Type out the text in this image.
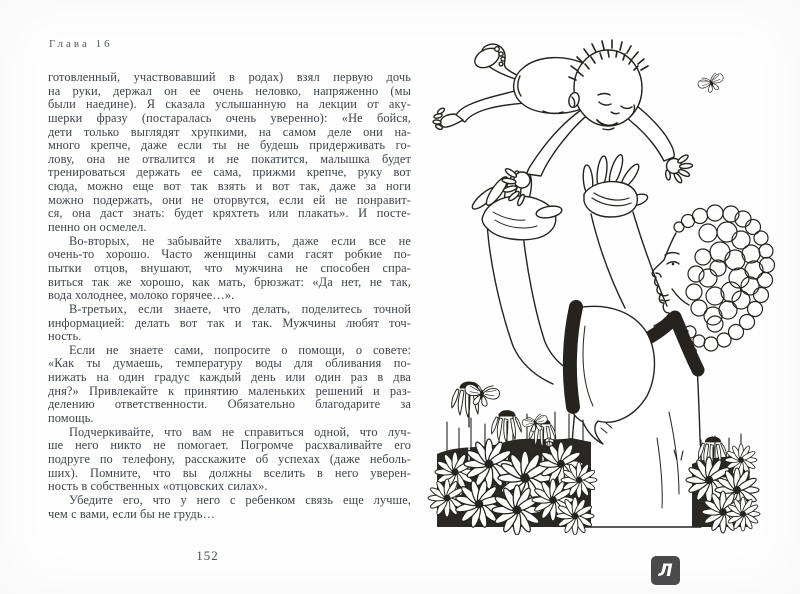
Глава 16
готовленный, участвовавший в родах) взял первую дочь
на руки, держал он ее очень неловко, напряженно (мы
были наедине). Я сказала услышанную на лекции от аку-
шерки фразу (постаралась очень уверенно): «Не бойся,
дети только выглядят хрупкими, на самом деле они на-
много крепче, даже если ты не будешь придерживать го-
лову, она не отвалится и не покатится, малышка будет
тренироваться держать ее сама, прижми крепче, руку вот
сюда, можно еще вот так взять и вот так, даже за ноги
можно подержать, они не оторвутся, если ей не понравит-
ся, она даст знать: будет кряхтеть или плакать». И посте-
пенно он осмелел.
Во-вторых, не забывайте хвалить, даже если все не
очень-то хорошо. Часто женщины сами гасят робкие по-
пытки отцов, внушают, что мужчина не способен спра-
виться так же хорошо, как мать, брюзжат: «Да нет, не так,
вода холоднее, молоко горячее…».
В-третьих, если знаете, что делать, поделитесь точной
информацией: делать вот так и так. Мужчины любят точ-
ность.
Если не знаете сами, попросите о помощи, о совете:
«Как ты думаешь, температуру воды для обливания по-
нижать на один градус каждый день или один раз в два
дня?» Привлекайте к принятию маленьких решений и раз-
делению ответственности. Обязательно благодарите за
помощь.
Подчеркивайте, что вам не справиться одной, что луч-
ше него никто не помогает. Погромче расхваливайте его
подруге по телефону, расскажите об успехах (даже неболь-
ших). Помните, что вы должны вселить в него уверен-
ность в собственных «отцовских силах».
Убедите его, что у него с ребенком связь еще лучше,
чем с вами, если бы не грудь…
152
Л
